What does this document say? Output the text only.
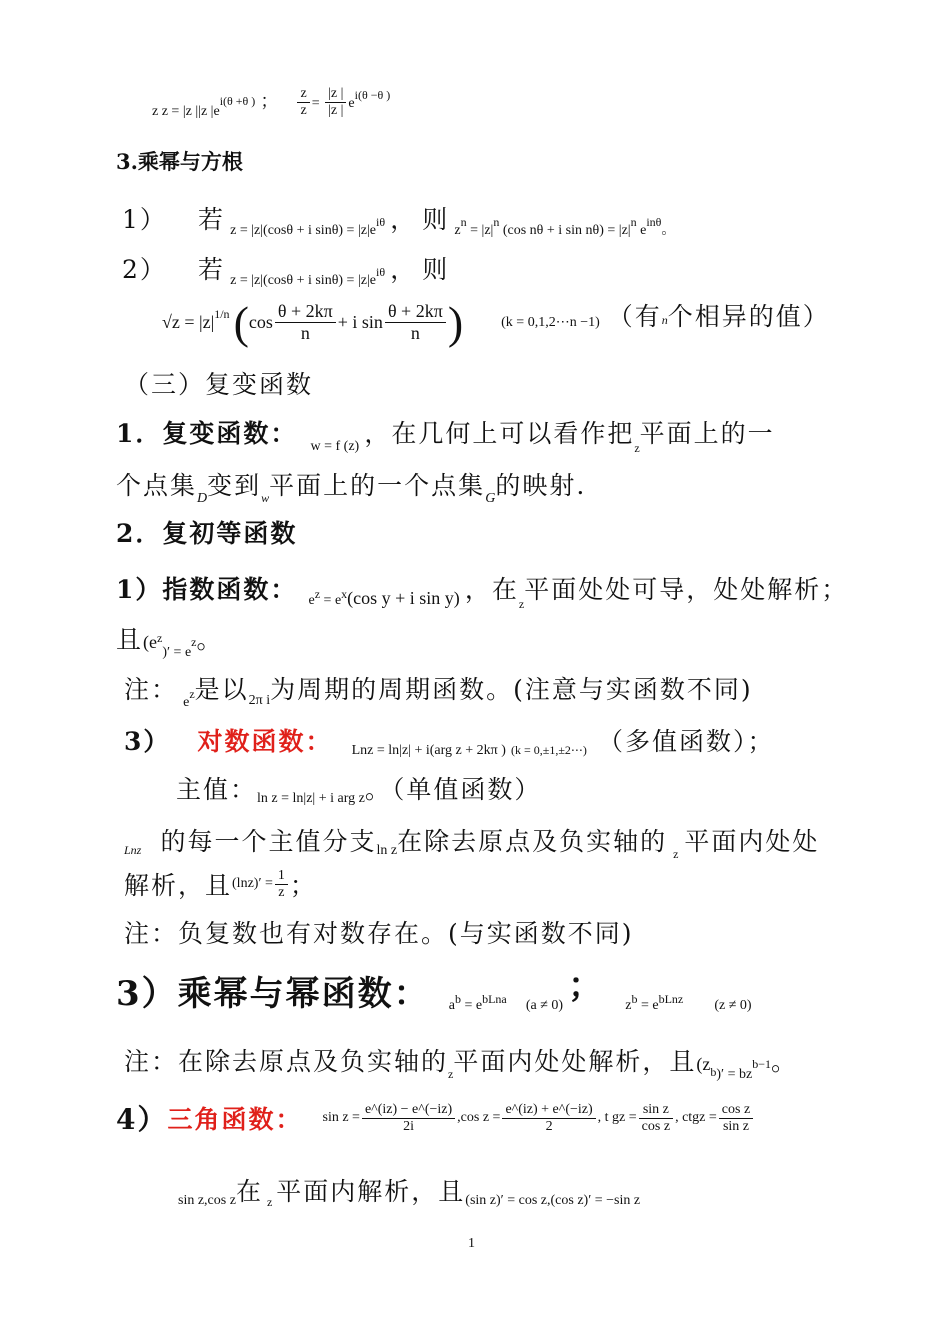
z z = |z ||z |ei(θ +θ ) ； $\frac{z}{z} = \frac{|z |}{|z |} e^{i(\theta -\theta )}$
3.乘幂与方根
1） 若 z = |z|(cosθ + i sinθ) = |z|eiθ ， 则 zn = |z|n (cos nθ + i sin nθ) = |z|n einθ。
2） 若 z = |z|(cosθ + i sinθ) = |z|eiθ ， 则
√z = |z| 1/n ( $\cos \frac{\theta + 2k\pi}{n} + i$ $\sin \frac{\theta + 2k\pi}{n}$ )	(k = 0,1,2⋯n −1) （有 n 个相异的值）
（三）复变函数
1．复变函数： w = f (z) ，在几何上可以看作把$_z$平面上的一
个点集D变到$_w$平面上的一个点集G的映射.
2．复初等函数
1）指数函数： ez = ex(cos y + i sin y) ，在$_z$平面处处可导，处处解析；
且$(e^z)'$ = ez。
注： ez是以2π i为周期的周期函数。(注意与实函数不同)
3） 对数函数： Lnz = ln|z| + i(arg z + 2kπ ) $_{(k = 0,\pm 1,\pm 2\cdots)}$ （多值函数）；
主值：ln z = ln|z| + i arg z。（单值函数）
$_{Lnz}$ 的每一个主值分支ln z在除去原点及负实轴的 $_z$ 平面内处处
解析，且 $(\ln z)' = \frac{1}{z}$ ；
注：负复数也有对数存在。(与实函数不同)
3）乘幂与幂函数： ab = ebLna (a ≠ 0) ； zb = ebLnz (z ≠ 0)
注：在除去原点及负实轴的$_z$平面内处处解析，且$(z_b)' = bzb-1$。
4） 三角函数： $\sin z = \frac{e\^{}(iz) - e\^{}(-iz)}{2i} ,\cos$ $z = \frac{e\^{}(iz) + e\^{}(-iz)}{2}$ , t gz = $\frac{\text{sin z}}{\text{cos z}}$ , ctgz = $\frac{\text{cos z}}{\text{sin z}}$
sin z,cos z在 $_z$ 平面内解析，且(sin z)′ = cos z,(cos z)′ = −sin z
1
